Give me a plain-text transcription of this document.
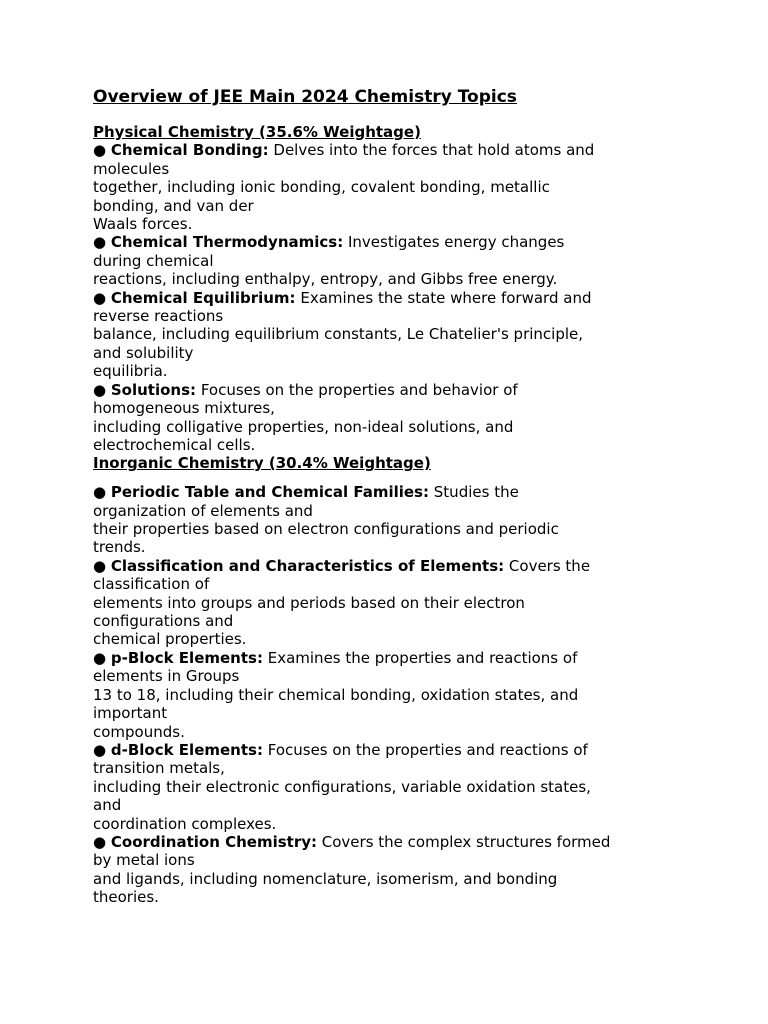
Overview of JEE Main 2024 Chemistry Topics
Physical Chemistry (35.6% Weightage)
● Chemical Bonding: Delves into the forces that hold atoms and
molecules
together, including ionic bonding, covalent bonding, metallic
bonding, and van der
Waals forces.
● Chemical Thermodynamics: Investigates energy changes
during chemical
reactions, including enthalpy, entropy, and Gibbs free energy.
● Chemical Equilibrium: Examines the state where forward and
reverse reactions
balance, including equilibrium constants, Le Chatelier's principle,
and solubility
equilibria.
● Solutions: Focuses on the properties and behavior of
homogeneous mixtures,
including colligative properties, non-ideal solutions, and
electrochemical cells.
Inorganic Chemistry (30.4% Weightage)
● Periodic Table and Chemical Families: Studies the
organization of elements and
their properties based on electron configurations and periodic
trends.
● Classification and Characteristics of Elements: Covers the
classification of
elements into groups and periods based on their electron
configurations and
chemical properties.
● p-Block Elements: Examines the properties and reactions of
elements in Groups
13 to 18, including their chemical bonding, oxidation states, and
important
compounds.
● d-Block Elements: Focuses on the properties and reactions of
transition metals,
including their electronic configurations, variable oxidation states,
and
coordination complexes.
● Coordination Chemistry: Covers the complex structures formed
by metal ions
and ligands, including nomenclature, isomerism, and bonding
theories.
